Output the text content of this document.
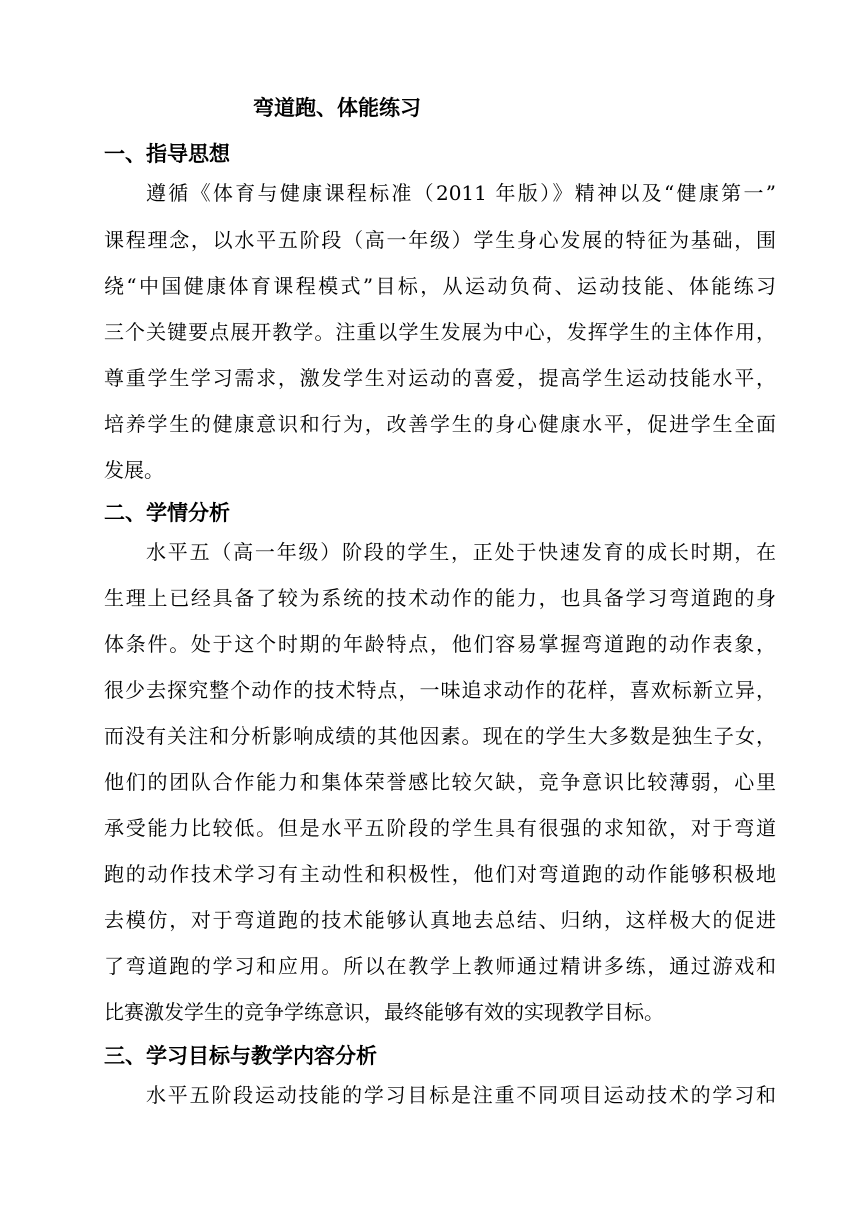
弯道跑、体能练习
一、指导思想
遵循《体育与健康课程标准（2011 年版）》精神以及“健康第一”
课程理念，以水平五阶段（高一年级）学生身心发展的特征为基础，围
绕“中国健康体育课程模式”目标，从运动负荷、运动技能、体能练习
三个关键要点展开教学。注重以学生发展为中心，发挥学生的主体作用，
尊重学生学习需求，激发学生对运动的喜爱，提高学生运动技能水平，
培养学生的健康意识和行为，改善学生的身心健康水平，促进学生全面
发展。
二、学情分析
水平五（高一年级）阶段的学生，正处于快速发育的成长时期，在
生理上已经具备了较为系统的技术动作的能力，也具备学习弯道跑的身
体条件。处于这个时期的年龄特点，他们容易掌握弯道跑的动作表象，
很少去探究整个动作的技术特点，一味追求动作的花样，喜欢标新立异，
而没有关注和分析影响成绩的其他因素。现在的学生大多数是独生子女，
他们的团队合作能力和集体荣誉感比较欠缺，竞争意识比较薄弱，心里
承受能力比较低。但是水平五阶段的学生具有很强的求知欲，对于弯道
跑的动作技术学习有主动性和积极性，他们对弯道跑的动作能够积极地
去模仿，对于弯道跑的技术能够认真地去总结、归纳，这样极大的促进
了弯道跑的学习和应用。所以在教学上教师通过精讲多练，通过游戏和
比赛激发学生的竞争学练意识，最终能够有效的实现教学目标。
三、学习目标与教学内容分析
水平五阶段运动技能的学习目标是注重不同项目运动技术的学习和
